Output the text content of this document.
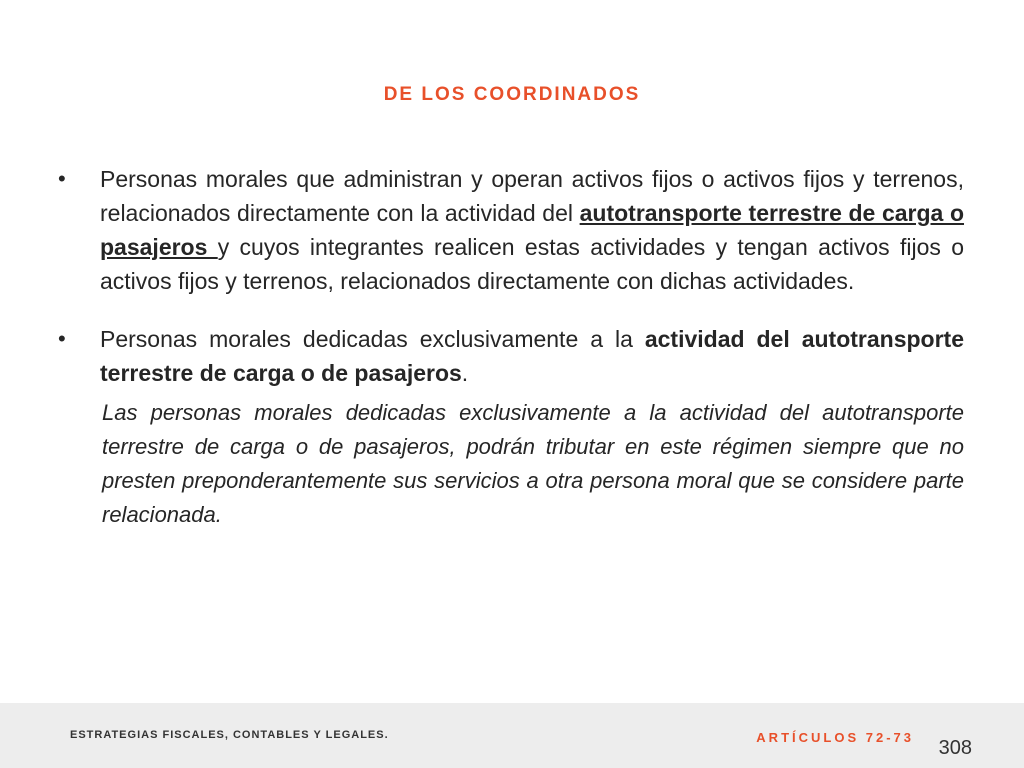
DE LOS COORDINADOS
• Personas morales que administran y operan activos fijos o activos fijos y terrenos, relacionados directamente con la actividad del autotransporte terrestre de carga o pasajeros y cuyos integrantes realicen estas actividades y tengan activos fijos o activos fijos y terrenos, relacionados directamente con dichas actividades.
• Personas morales dedicadas exclusivamente a la actividad del autotransporte terrestre de carga o de pasajeros.
Las personas morales dedicadas exclusivamente a la actividad del autotransporte terrestre de carga o de pasajeros, podrán tributar en este régimen siempre que no presten preponderantemente sus servicios a otra persona moral que se considere parte relacionada.
ESTRATEGIAS FISCALES, CONTABLES Y LEGALES.	ARTÍCULOS 72-73 308
